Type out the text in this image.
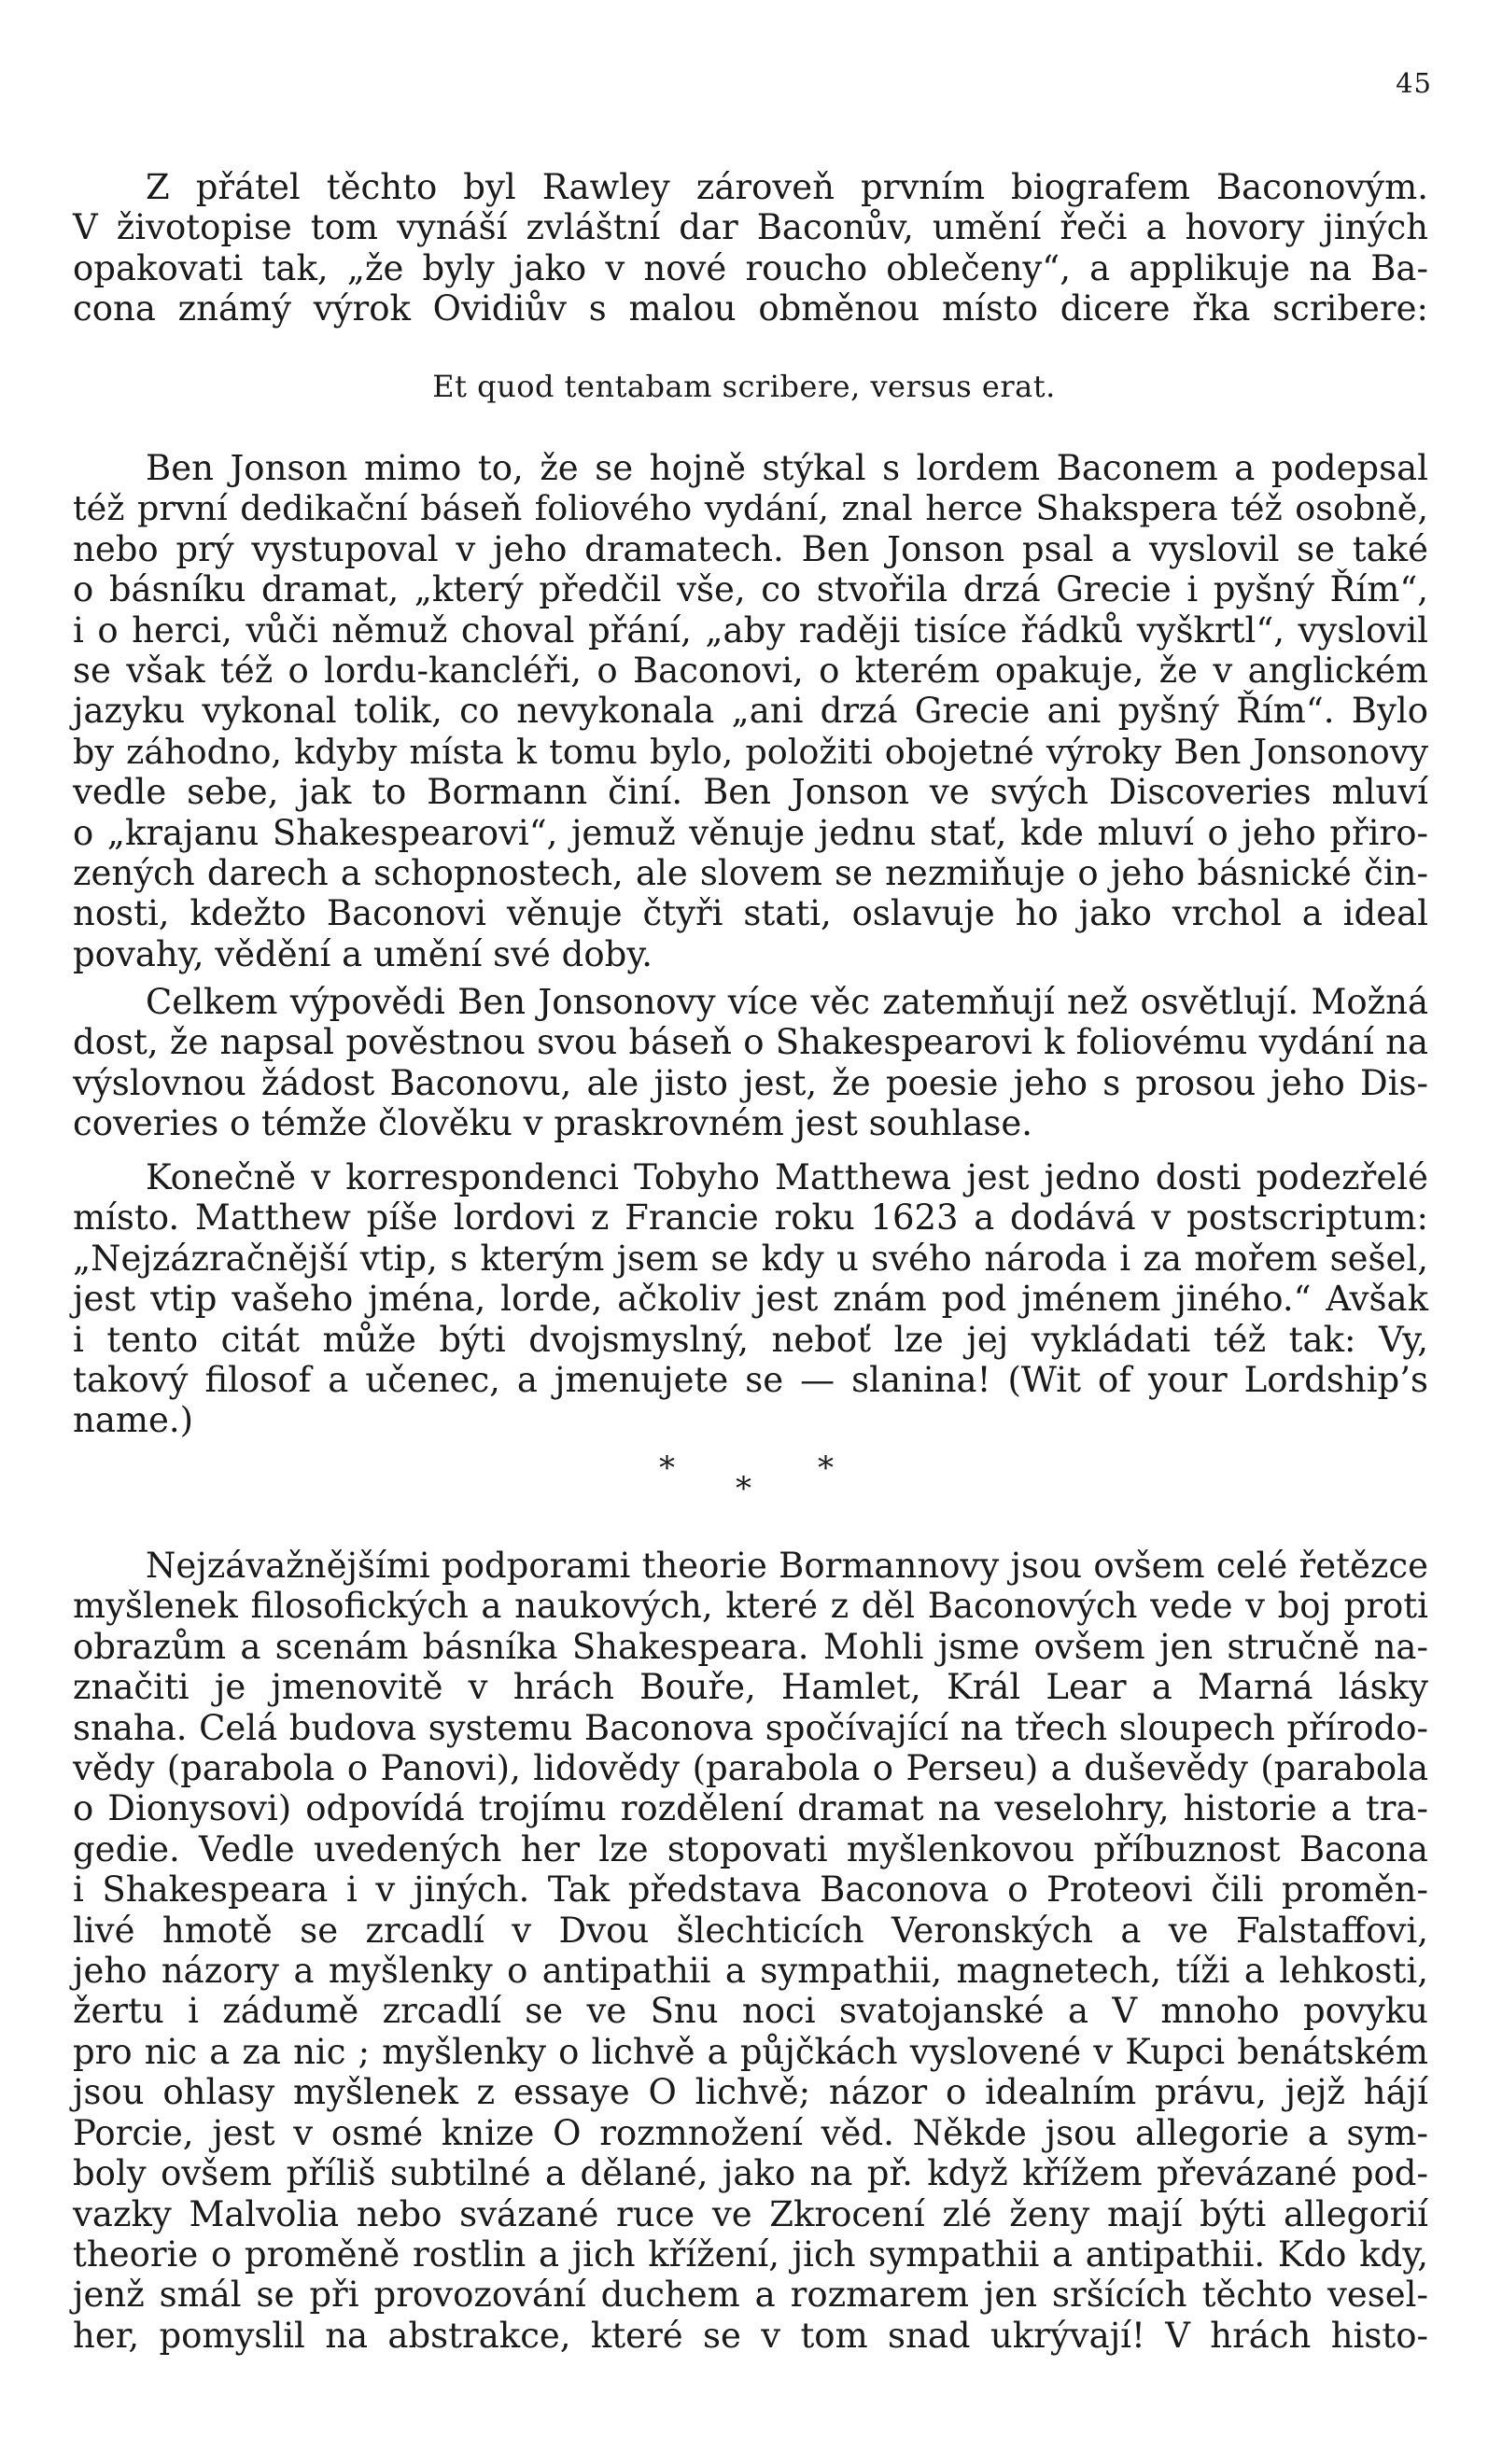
45
Z přátel těchto byl Rawley zároveň prvním biografem Baconovým.
V životopise tom vynáší zvláštní dar Baconův, umění řeči a hovory jiných
opakovati tak, „že byly jako v nové roucho oblečeny“, a applikuje na Ba-
cona známý výrok Ovidiův s malou obměnou místo dicere řka scribere:
Et quod tentabam scribere, versus erat.
Ben Jonson mimo to, že se hojně stýkal s lordem Baconem a podepsal
též první dedikační báseň foliového vydání, znal herce Shakspera též osobně,
nebo prý vystupoval v jeho dramatech. Ben Jonson psal a vyslovil se také
o básníku dramat, „který předčil vše, co stvořila drzá Grecie i pyšný Řím“,
i o herci, vůči němuž choval přání, „aby raději tisíce řádků vyškrtl“, vyslovil
se však též o lordu-kancléři, o Baconovi, o kterém opakuje, že v anglickém
jazyku vykonal tolik, co nevykonala „ani drzá Grecie ani pyšný Řím“. Bylo
by záhodno, kdyby místa k tomu bylo, položiti obojetné výroky Ben Jonsonovy
vedle sebe, jak to Bormann činí. Ben Jonson ve svých Discoveries mluví
o „krajanu Shakespearovi“, jemuž věnuje jednu stať, kde mluví o jeho přiro-
zených darech a schopnostech, ale slovem se nezmiňuje o jeho básnické čin-
nosti, kdežto Baconovi věnuje čtyři stati, oslavuje ho jako vrchol a ideal
povahy, vědění a umění své doby.
Celkem výpovědi Ben Jonsonovy více věc zatemňují než osvětlují. Možná
dost, že napsal pověstnou svou báseň o Shakespearovi k foliovému vydání na
výslovnou žádost Baconovu, ale jisto jest, že poesie jeho s prosou jeho Dis-
coveries o témže člověku v praskrovném jest souhlase.
Konečně v korrespondenci Tobyho Matthewa jest jedno dosti podezřelé
místo. Matthew píše lordovi z Francie roku 1623 a dodává v postscriptum:
„Nejzázračnější vtip, s kterým jsem se kdy u svého národa i za mořem sešel,
jest vtip vašeho jména, lorde, ačkoliv jest znám pod jménem jiného.“ Avšak
i tento citát může býti dvojsmyslný, neboť lze jej vykládati též tak: Vy,
takový filosof a učenec, a jmenujete se — slanina! (Wit of your Lordship’s
name.)
*
*
*
Nejzávažnějšími podporami theorie Bormannovy jsou ovšem celé řetězce
myšlenek filosofických a naukových, které z děl Baconových vede v boj proti
obrazům a scenám básníka Shakespeara. Mohli jsme ovšem jen stručně na-
značiti je jmenovitě v hrách Bouře, Hamlet, Král Lear a Marná lásky
snaha. Celá budova systemu Baconova spočívající na třech sloupech přírodo-
vědy (parabola o Panovi), lidovědy (parabola o Perseu) a duševědy (parabola
o Dionysovi) odpovídá trojímu rozdělení dramat na veselohry, historie a tra-
gedie. Vedle uvedených her lze stopovati myšlenkovou příbuznost Bacona
i Shakespeara i v jiných. Tak představa Baconova o Proteovi čili proměn-
livé hmotě se zrcadlí v Dvou šlechticích Veronských a ve Falstaffovi,
jeho názory a myšlenky o antipathii a sympathii, magnetech, tíži a lehkosti,
žertu i zádumě zrcadlí se ve Snu noci svatojanské a V mnoho povyku
pro nic a za nic ; myšlenky o lichvě a půjčkách vyslovené v Kupci benátském
jsou ohlasy myšlenek z essaye O lichvě; názor o idealním právu, jejž hájí
Porcie, jest v osmé knize O rozmnožení věd. Někde jsou allegorie a sym-
boly ovšem příliš subtilné a dělané, jako na př. když křížem převázané pod-
vazky Malvolia nebo svázané ruce ve Zkrocení zlé ženy mají býti allegorií
theorie o proměně rostlin a jich křížení, jich sympathii a antipathii. Kdo kdy,
jenž smál se při provozování duchem a rozmarem jen sršících těchto vesel-
her, pomyslil na abstrakce, které se v tom snad ukrývají! V hrách histo-
